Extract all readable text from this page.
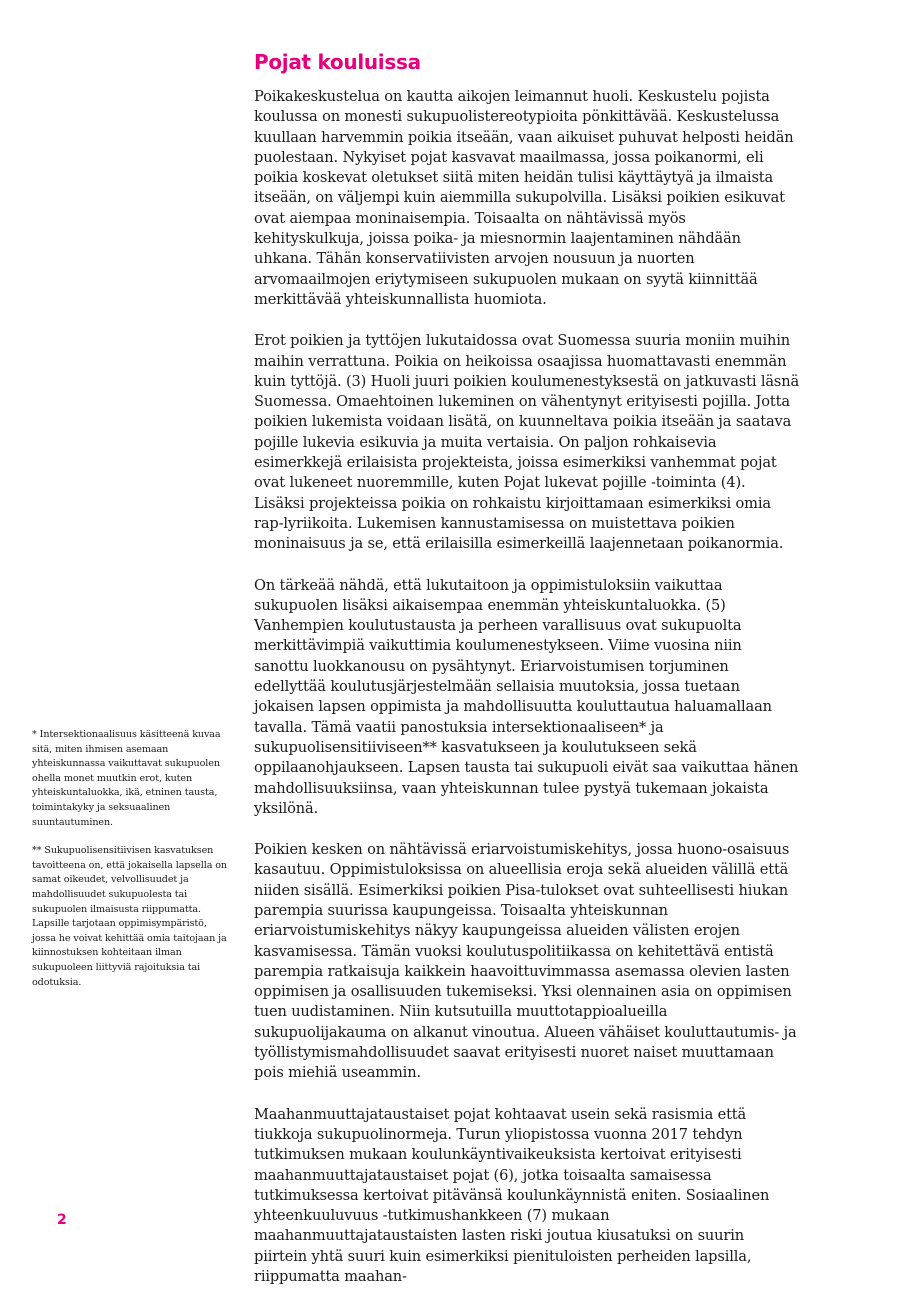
Pojat kouluissa

Poikakeskustelua on kautta aikojen leimannut huoli. Keskustelu pojista koulussa on monesti sukupuolistereotypioita pönkittävää. Keskustelussa kuullaan harvemmin poikia itseään, vaan aikuiset puhuvat helposti heidän puolestaan. Nykyiset pojat kasvavat maailmassa, jossa poikanormi, eli poikia koskevat oletukset siitä miten heidän tulisi käyttäytyä ja ilmaista itseään, on väljempi kuin aiemmilla sukupolvilla. Lisäksi poikien esikuvat ovat aiempaa moninaisempia. Toisaalta on nähtävissä myös kehityskulkuja, joissa poika- ja miesnormin laajentaminen nähdään uhkana. Tähän konservatiivisten arvojen nousuun ja nuorten arvomaailmojen eriytymiseen sukupuolen mukaan on syytä kiinnittää merkittävää yhteiskunnallista huomiota.

Erot poikien ja tyttöjen lukutaidossa ovat Suomessa suuria moniin muihin maihin verrattuna. Poikia on heikoissa osaajissa huomattavasti enemmän kuin tyttöjä. (3) Huoli juuri poikien koulumenestyksestä on jatkuvasti läsnä Suomessa. Omaehtoinen lukeminen on vähentynyt erityisesti pojilla. Jotta poikien lukemista voidaan lisätä, on kuunneltava poikia itseään ja saatava pojille lukevia esikuvia ja muita vertaisia. On paljon rohkaisevia esimerkkejä erilaisista projekteista, joissa esimerkiksi vanhemmat pojat ovat lukeneet nuoremmille, kuten Pojat lukevat pojille -toiminta (4). Lisäksi projekteissa poikia on rohkaistu kirjoittamaan esimerkiksi omia rap-lyriikoita. Lukemisen kannustamisessa on muistettava poikien moninaisuus ja se, että erilaisilla esimerkeillä laajennetaan poikanormia.

On tärkeää nähdä, että lukutaitoon ja oppimistuloksiin vaikuttaa sukupuolen lisäksi aikaisempaa enemmän yhteiskuntaluokka. (5) Vanhempien koulutustausta ja perheen varallisuus ovat sukupuolta merkittävimpiä vaikuttimia koulumenestykseen. Viime vuosina niin sanottu luokkanousu on pysähtynyt. Eriarvoistumisen torjuminen edellyttää koulutusjärjestelmään sellaisia muutoksia, jossa tuetaan jokaisen lapsen oppimista ja mahdollisuutta kouluttautua haluamallaan tavalla. Tämä vaatii panostuksia intersektionaaliseen* ja sukupuolisensitiiviseen** kasvatukseen ja koulutukseen sekä oppilaanohjaukseen. Lapsen tausta tai sukupuoli eivät saa vaikuttaa hänen mahdollisuuksiinsa, vaan yhteiskunnan tulee pystyä tukemaan jokaista yksilönä.

Poikien kesken on nähtävissä eriarvoistumiskehitys, jossa huono-osaisuus kasautuu. Oppimistuloksissa on alueellisia eroja sekä alueiden välillä että niiden sisällä. Esimerkiksi poikien Pisa-tulokset ovat suhteellisesti hiukan parempia suurissa kaupungeissa. Toisaalta yhteiskunnan eriarvoistumiskehitys näkyy kaupungeissa alueiden välisten erojen kasvamisessa. Tämän vuoksi koulutuspolitiikassa on kehitettävä entistä parempia ratkaisuja kaikkein haavoittuvimmassa asemassa olevien lasten oppimisen ja osallisuuden tukemiseksi. Yksi olennainen asia on oppimisen tuen uudistaminen. Niin kutsutuilla muuttotappioalueilla sukupuolijakauma on alkanut vinoutua. Alueen vähäiset kouluttautumis- ja työllistymismahdollisuudet saavat erityisesti nuoret naiset muuttamaan pois miehiä useammin.

Maahanmuuttajataustaiset pojat kohtaavat usein sekä rasismia että tiukkoja sukupuolinormeja. Turun yliopistossa vuonna 2017 tehdyn tutkimuksen mukaan koulunkäyntivaikeuksista kertoivat erityisesti maahanmuuttajataustaiset pojat (6), jotka toisaalta samaisessa tutkimuksessa kertoivat pitävänsä koulunkäynnistä eniten. Sosiaalinen yhteenkuuluvuus -tutkimushankkeen (7) mukaan maahanmuuttajataustaisten lasten riski joutua kiusatuksi on suurin piirtein yhtä suuri kuin esimerkiksi pienituloisten perheiden lapsilla, riippumatta maahan-

* Intersektionaalisuus käsitteenä kuvaa sitä, miten ihmisen asemaan yhteiskunnassa vaikuttavat sukupuolen ohella monet muutkin erot, kuten yhteiskuntaluokka, ikä, etninen tausta, toimintakyky ja seksuaalinen suuntautuminen.

** Sukupuolisensitiivisen kasvatuksen tavoitteena on, että jokaisella lapsella on samat oikeudet, velvollisuudet ja mahdollisuudet sukupuolesta tai sukupuolen ilmaisusta riippumatta. Lapsille tarjotaan oppimisympäristö, jossa he voivat kehittää omia taitojaan ja kiinnostuksen kohteitaan ilman sukupuoleen liittyviä rajoituksia tai odotuksia.

2
